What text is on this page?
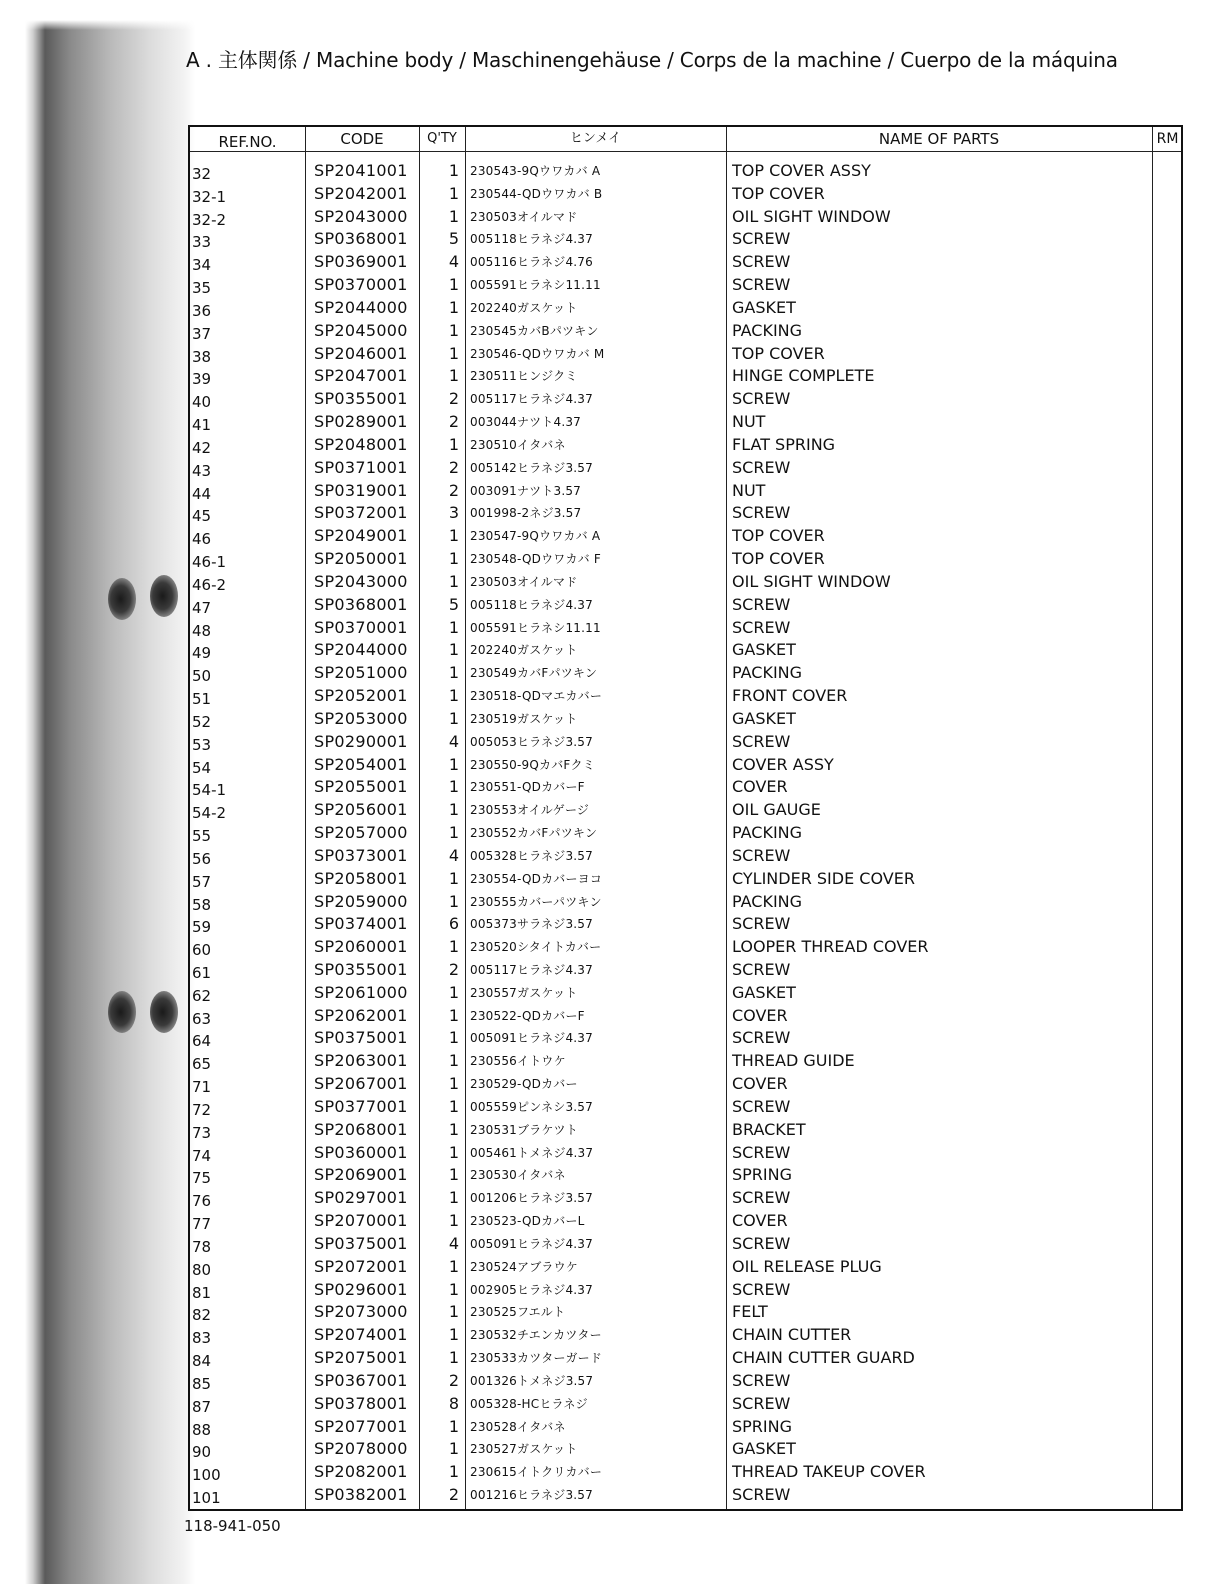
A . 主体関係 / Machine body / Maschinengehäuse / Corps de la machine / Cuerpo de la máquina
REF.NO.	CODE	Q'TY	ヒンメイ	NAME OF PARTS	RM
32	SP2041001	1 230543-9Qウワカバ A	TOP COVER ASSY
32-1	SP2042001	1 230544-QDウワカバ B	TOP COVER
32-2	SP2043000	1 230503オイルマド	OIL SIGHT WINDOW
33	SP0368001	5 005118ヒラネジ4.37	SCREW
34	SP0369001	4 005116ヒラネジ4.76	SCREW
35	SP0370001	1 005591ヒラネシ11.11	SCREW
36	SP2044000	1 202240ガスケット	GASKET
37	SP2045000	1 230545カバBパツキン	PACKING
38	SP2046001	1 230546-QDウワカバ M	TOP COVER
39	SP2047001	1 230511ヒンジクミ	HINGE COMPLETE
40	SP0355001	2 005117ヒラネジ4.37	SCREW
41	SP0289001	2 003044ナツト4.37	NUT
42	SP2048001	1 230510イタバネ	FLAT SPRING
43	SP0371001	2 005142ヒラネジ3.57	SCREW
44	SP0319001	2 003091ナツト3.57	NUT
45	SP0372001	3 001998-2ネジ3.57	SCREW
46	SP2049001	1 230547-9Qウワカバ A	TOP COVER
46-1	SP2050001	1 230548-QDウワカバ F	TOP COVER
46-2	SP2043000	1 230503オイルマド	OIL SIGHT WINDOW
47	SP0368001	5 005118ヒラネジ4.37	SCREW
48	SP0370001	1 005591ヒラネシ11.11	SCREW
49	SP2044000	1 202240ガスケット	GASKET
50	SP2051000	1 230549カバFパツキン	PACKING
51	SP2052001	1 230518-QDマエカバー	FRONT COVER
52	SP2053000	1 230519ガスケット	GASKET
53	SP0290001	4 005053ヒラネジ3.57	SCREW
54	SP2054001	1 230550-9QカバFクミ	COVER ASSY
54-1	SP2055001	1 230551-QDカバーF	COVER
54-2	SP2056001	1 230553オイルゲージ	OIL GAUGE
55	SP2057000	1 230552カバFパツキン	PACKING
56	SP0373001	4 005328ヒラネジ3.57	SCREW
57	SP2058001	1 230554-QDカバーヨコ	CYLINDER SIDE COVER
58	SP2059000	1 230555カバーパツキン	PACKING
59	SP0374001	6 005373サラネジ3.57	SCREW
60	SP2060001	1 230520シタイトカバー	LOOPER THREAD COVER
61	SP0355001	2 005117ヒラネジ4.37	SCREW
62	SP2061000	1 230557ガスケット	GASKET
63	SP2062001	1 230522-QDカバーF	COVER
64	SP0375001	1 005091ヒラネジ4.37	SCREW
65	SP2063001	1 230556イトウケ	THREAD GUIDE
71	SP2067001	1 230529-QDカバー	COVER
72	SP0377001	1 005559ピンネシ3.57	SCREW
73	SP2068001	1 230531ブラケツト	BRACKET
74	SP0360001	1 005461トメネジ4.37	SCREW
75	SP2069001	1 230530イタバネ	SPRING
76	SP0297001	1 001206ヒラネジ3.57	SCREW
77	SP2070001	1 230523-QDカバーL	COVER
78	SP0375001	4 005091ヒラネジ4.37	SCREW
80	SP2072001	1 230524アブラウケ	OIL RELEASE PLUG
81	SP0296001	1 002905ヒラネジ4.37	SCREW
82	SP2073000	1 230525フエルト	FELT
83	SP2074001	1 230532チエンカツター	CHAIN CUTTER
84	SP2075001	1 230533カツターガード	CHAIN CUTTER GUARD
85	SP0367001	2 001326トメネジ3.57	SCREW
87	SP0378001	8 005328-HCヒラネジ	SCREW
88	SP2077001	1 230528イタバネ	SPRING
90	SP2078000	1 230527ガスケット	GASKET
100	SP2082001	1 230615イトクリカバー	THREAD TAKEUP COVER
101	SP0382001	2 001216ヒラネジ3.57	SCREW
118-941-050
